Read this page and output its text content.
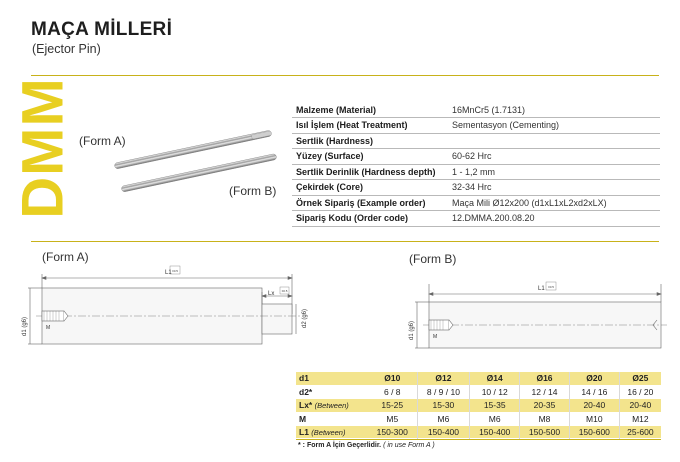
MAÇA MİLLERİ
(Ejector Pin)
DMM (Form A)
(Form B)
Malzeme (Material)	16MnCr5 (1.7131)
Isıl İşlem (Heat Treatment)	Sementasyon (Cementing)
Sertlik (Hardness)	
Yüzey (Surface)	60-62 Hrc
Sertlik Derinlik (Hardness depth)	1 - 1,2 mm
Çekirdek (Core)	32-34 Hrc
Örnek Sipariş (Example order)	Maça Mili Ø12x200 (d1xL1xL2xd2xLX)
Sipariş Kodu (Order code)	12.DMMA.200.08.20
(Form A)	(Form B)
L1 ±0.5
Lx ±0.5
d2 (g6)
d1 (g6)	M
L1 ±0.5
d1 (g6)	M
d1	Ø10	Ø12	Ø14	Ø16	Ø20	Ø25
d2*	6 / 8	8 / 9 / 10	10 / 12	12 / 14	14 / 16	16 / 20
Lx* (Between)	15-25	15-30	15-35	20-35	20-40	20-40
M	M5	M6	M6	M8	M10	M12
L1 (Between)	150-300	150-400	150-400	150-500	150-600	25-600
* : Form A İçin Geçerlidir. ( in use Form A )
